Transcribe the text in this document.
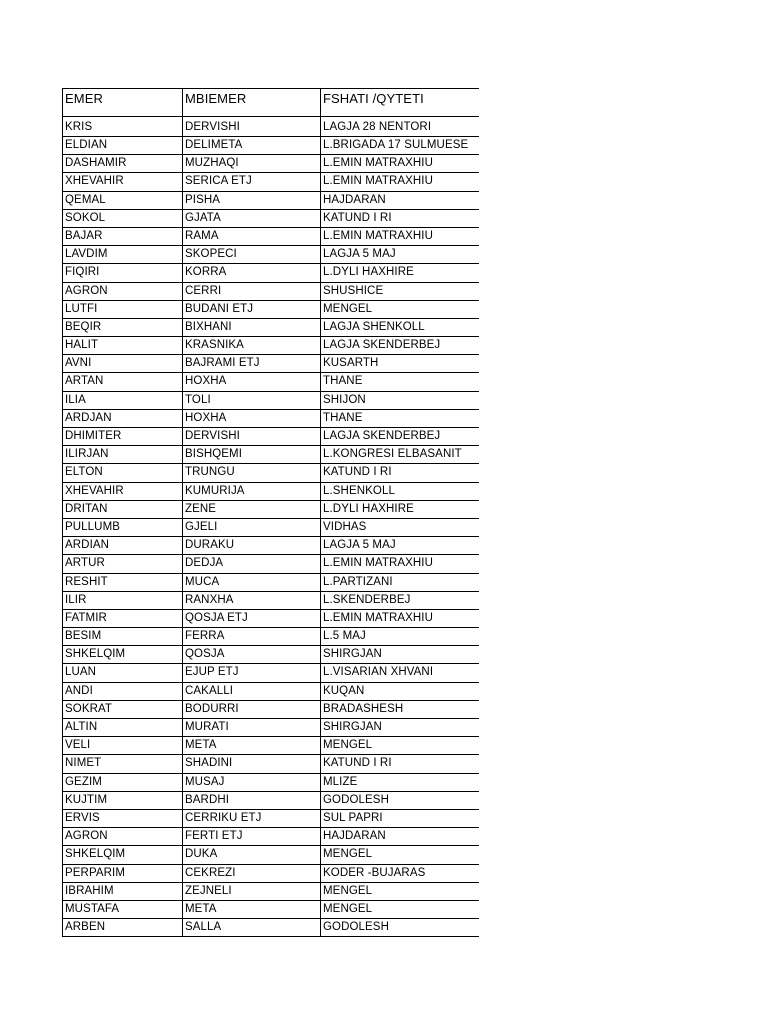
EMER	MBIEMER	FSHATI /QYTETI
KRIS	DERVISHI	LAGJA 28 NENTORI
ELDIAN	DELIMETA	L.BRIGADA 17 SULMUESE
DASHAMIR	MUZHAQI	L.EMIN MATRAXHIU
XHEVAHIR	SERICA ETJ	L.EMIN MATRAXHIU
QEMAL	PISHA	HAJDARAN
SOKOL	GJATA	KATUND I RI
BAJAR	RAMA	L.EMIN MATRAXHIU
LAVDIM	SKOPECI	LAGJA 5 MAJ
FIQIRI	KORRA	L.DYLI HAXHIRE
AGRON	CERRI	SHUSHICE
LUTFI	BUDANI ETJ	MENGEL
BEQIR	BIXHANI	LAGJA SHENKOLL
HALIT	KRASNIKA	LAGJA SKENDERBEJ
AVNI	BAJRAMI ETJ	KUSARTH
ARTAN	HOXHA	THANE
ILIA	TOLI	SHIJON
ARDJAN	HOXHA	THANE
DHIMITER	DERVISHI	LAGJA SKENDERBEJ
ILIRJAN	BISHQEMI	L.KONGRESI ELBASANIT
ELTON	TRUNGU	KATUND I RI
XHEVAHIR	KUMURIJA	L.SHENKOLL
DRITAN	ZENE	L.DYLI HAXHIRE
PULLUMB	GJELI	VIDHAS
ARDIAN	DURAKU	LAGJA 5 MAJ
ARTUR	DEDJA	L.EMIN MATRAXHIU
RESHIT	MUCA	L.PARTIZANI
ILIR	RANXHA	L.SKENDERBEJ
FATMIR	QOSJA ETJ	L.EMIN MATRAXHIU
BESIM	FERRA	L.5 MAJ
SHKELQIM	QOSJA	SHIRGJAN
LUAN	EJUP ETJ	L.VISARIAN XHVANI
ANDI	CAKALLI	KUQAN
SOKRAT	BODURRI	BRADASHESH
ALTIN	MURATI	SHIRGJAN
VELI	META	MENGEL
NIMET	SHADINI	KATUND I RI
GEZIM	MUSAJ	MLIZE
KUJTIM	BARDHI	GODOLESH
ERVIS	CERRIKU ETJ	SUL PAPRI
AGRON	FERTI ETJ	HAJDARAN
SHKELQIM	DUKA	MENGEL
PERPARIM	CEKREZI	KODER -BUJARAS
IBRAHIM	ZEJNELI	MENGEL
MUSTAFA	META	MENGEL
ARBEN	SALLA	GODOLESH
